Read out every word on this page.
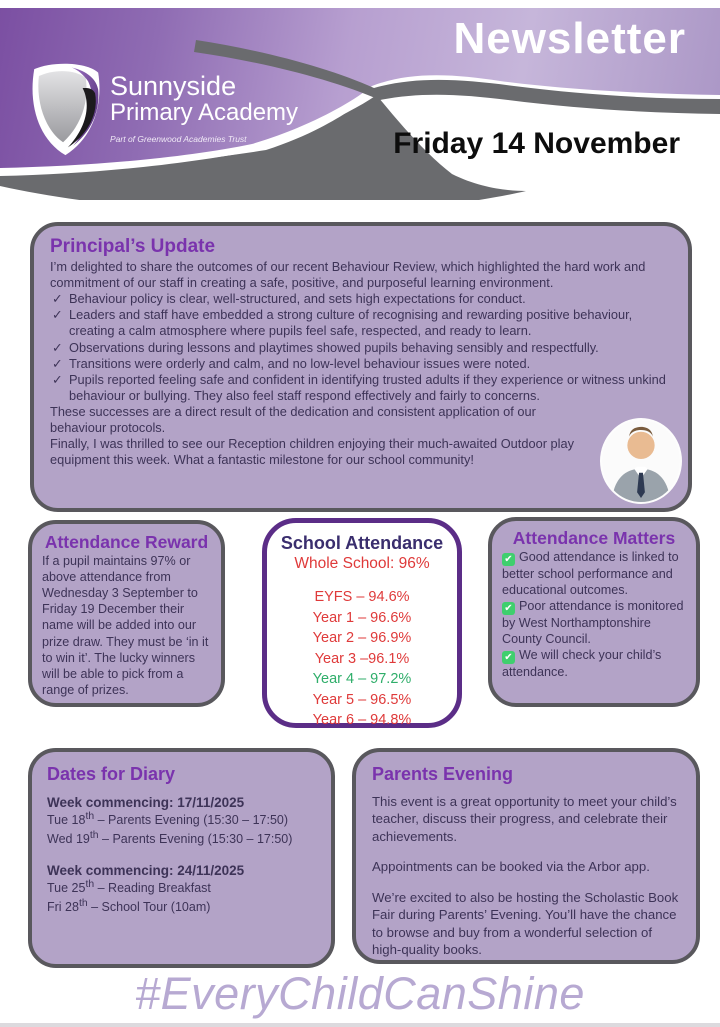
Newsletter
Sunnyside
Primary Academy
Part of Greenwood Academies Trust	Friday 14 November
Principal’s Update

I’m delighted to share the outcomes of our recent Behaviour Review, which highlighted the hard work and commitment of our staff in creating a safe, positive, and purposeful learning environment.

✓ Behaviour policy is clear, well-structured, and sets high expectations for conduct.
✓ Leaders and staff have embedded a strong culture of recognising and rewarding positive behaviour, creating a calm atmosphere where pupils feel safe, respected, and ready to learn.
✓ Observations during lessons and playtimes showed pupils behaving sensibly and respectfully.
✓ Transitions were orderly and calm, and no low-level behaviour issues were noted.
✓ Pupils reported feeling safe and confident in identifying trusted adults if they experience or witness unkind behaviour or bullying. They also feel staff respond effectively and fairly to concerns.

These successes are a direct result of the dedication and consistent application of our behaviour protocols.

Finally, I was thrilled to see our Reception children enjoying their much-awaited Outdoor play equipment this week. What a fantastic milestone for our school community!

Attendance Reward
If a pupil maintains 97% or above attendance from Wednesday 3 September to Friday 19 December their name will be added into our prize draw. They must be ‘in it to win it’. The lucky winners will be able to pick from a range of prizes.
School Attendance
Whole School: 96%
EYFS – 94.6%
Year 1 – 96.6%
Year 2 – 96.9%
Year 3 –96.1%
Year 4 – 97.2%
Year 5 – 96.5%
Year 6 – 94.8%
Attendance Matters

✔ Good attendance is linked to better school performance and educational outcomes.

✔ Poor attendance is monitored by West Northamptonshire County Council.

✔ We will check your child’s attendance.

Dates for Diary
Week commencing: 17/11/2025
Tue 18th – Parents Evening (15:30 – 17:50)
Wed 19th – Parents Evening (15:30 – 17:50)
Week commencing: 24/11/2025
Tue 25th – Reading Breakfast
Fri 28th – School Tour (10am)
Parents Evening

This event is a great opportunity to meet your child’s teacher, discuss their progress, and celebrate their achievements.

Appointments can be booked via the Arbor app.

We’re excited to also be hosting the Scholastic Book Fair during Parents’ Evening. You’ll have the chance to browse and buy from a wonderful selection of high-quality books.

#EveryChildCanShine
